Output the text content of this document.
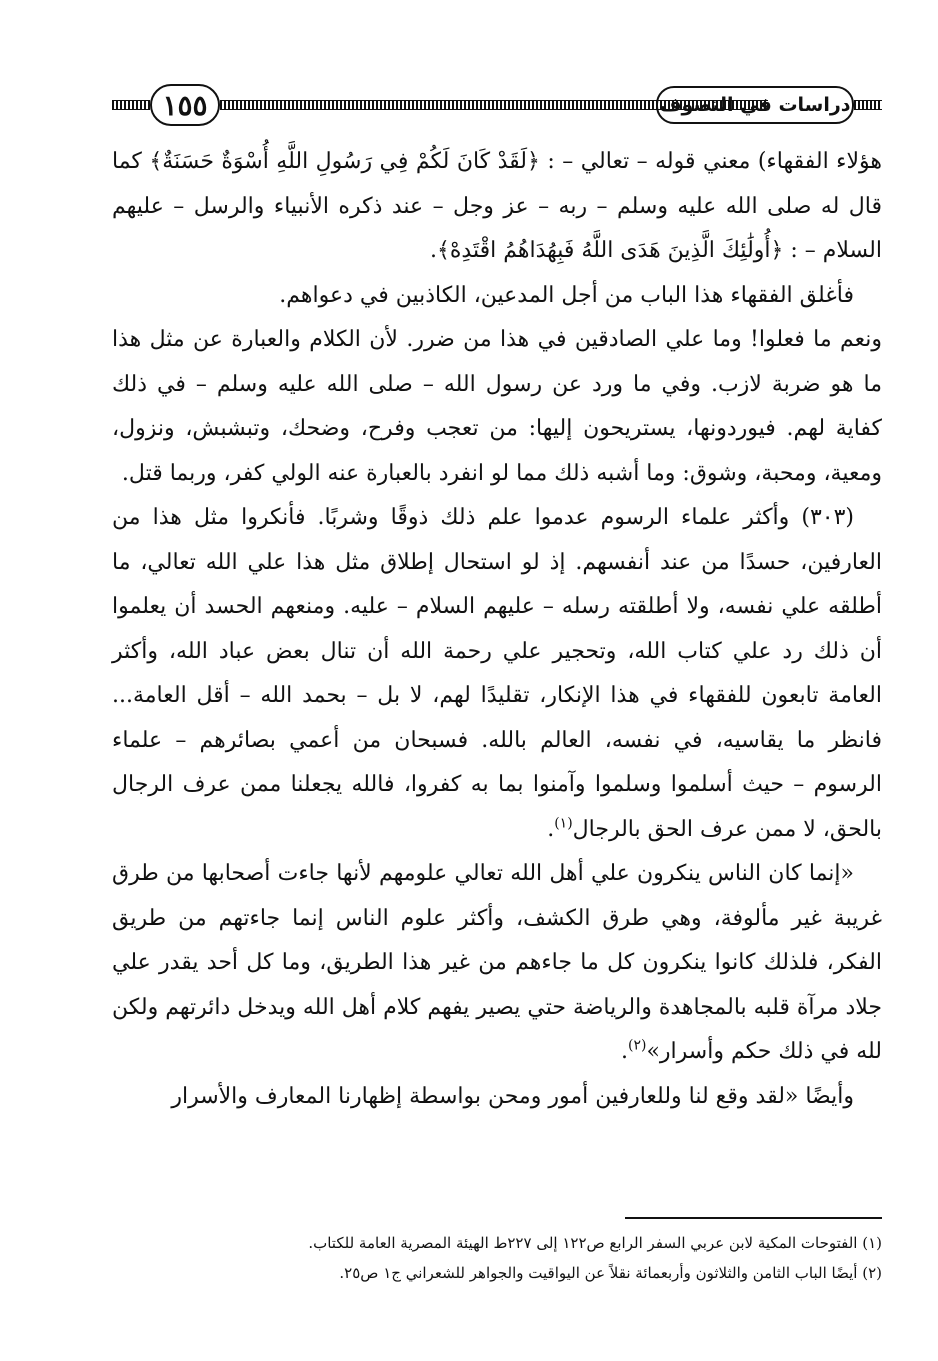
١٥٥	دراسات في التصوف

هؤلاء الفقهاء) معني قوله – تعالي – : ﴿لَقَدْ كَانَ لَكُمْ فِي رَسُولِ اللَّهِ أُسْوَةٌ حَسَنَةٌ﴾ كما قال له صلى الله عليه وسلم – ربه – عز وجل – عند ذكره الأنبياء والرسل – عليهم السلام – : ﴿أُولَٰئِكَ الَّذِينَ هَدَى اللَّهُ فَبِهُدَاهُمُ اقْتَدِهْ﴾.

فأغلق الفقهاء هذا الباب من أجل المدعين، الكاذبين في دعواهم.

ونعم ما فعلوا! وما علي الصادقين في هذا من ضرر. لأن الكلام والعبارة عن مثل هذا ما هو ضربة لازب. وفي ما ورد عن رسول الله – صلى الله عليه وسلم – في ذلك كفاية لهم. فيوردونها، يستريحون إليها: من تعجب وفرح، وضحك، وتبشبش، ونزول، ومعية، ومحبة، وشوق: وما أشبه ذلك مما لو انفرد بالعبارة عنه الولي كفر، وربما قتل.

(٣٠٣) وأكثر علماء الرسوم عدموا علم ذلك ذوقًا وشربًا. فأنكروا مثل هذا من العارفين، حسدًا من عند أنفسهم. إذ لو استحال إطلاق مثل هذا علي الله تعالي، ما أطلقه علي نفسه، ولا أطلقته رسله – عليهم السلام – عليه. ومنعهم الحسد أن يعلموا أن ذلك رد علي كتاب الله، وتحجير علي رحمة الله أن تنال بعض عباد الله، وأكثر العامة تابعون للفقهاء في هذا الإنكار، تقليدًا لهم، لا بل – بحمد الله – أقل العامة... فانظر ما يقاسيه، في نفسه، العالم بالله. فسبحان من أعمي بصائرهم – علماء الرسوم – حيث أسلموا وسلموا وآمنوا بما به كفروا، فالله يجعلنا ممن عرف الرجال بالحق، لا ممن عرف الحق بالرجال$^{(١)}$.

«إنما كان الناس ينكرون علي أهل الله تعالي علومهم لأنها جاءت أصحابها من طرق غريبة غير مألوفة، وهي طرق الكشف، وأكثر علوم الناس إنما جاءتهم من طريق الفكر، فلذلك كانوا ينكرون كل ما جاءهم من غير هذا الطريق، وما كل أحد يقدر علي جلاد مرآة قلبه بالمجاهدة والرياضة حتي يصير يفهم كلام أهل الله ويدخل دائرتهم ولكن لله في ذلك حكم وأسرار»$^{(٢)}$.

وأيضًا «لقد وقع لنا وللعارفين أمور ومحن بواسطة إظهارنا المعارف والأسرار

(١) الفتوحات المكية لابن عربي السفر الرابع ص١٢٢ إلى ٢٢٧ط الهيئة المصرية العامة للكتاب.

(٢) أيضًا الباب الثامن والثلاثون وأربعمائة نقلاً عن اليواقيت والجواهر للشعراني ج١ ص٢٥.
